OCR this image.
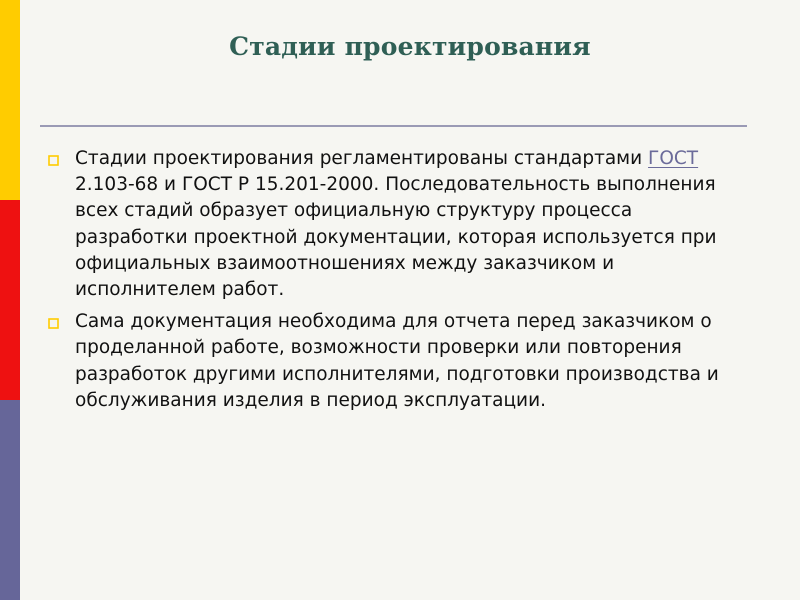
Стадии проектирования
Стадии проектирования регламентированы стандартами ГОСТ 2.103-68 и ГОСТ Р 15.201-2000. Последовательность выполнения всех стадий образует официальную структуру процесса разработки проектной документации, которая используется при официальных взаимоотношениях между заказчиком и исполнителем работ.
Сама документация необходима для отчета перед заказчиком о проделанной работе, возможности проверки или повторения разработок другими исполнителями, подготовки производства и обслуживания изделия в период эксплуатации.
